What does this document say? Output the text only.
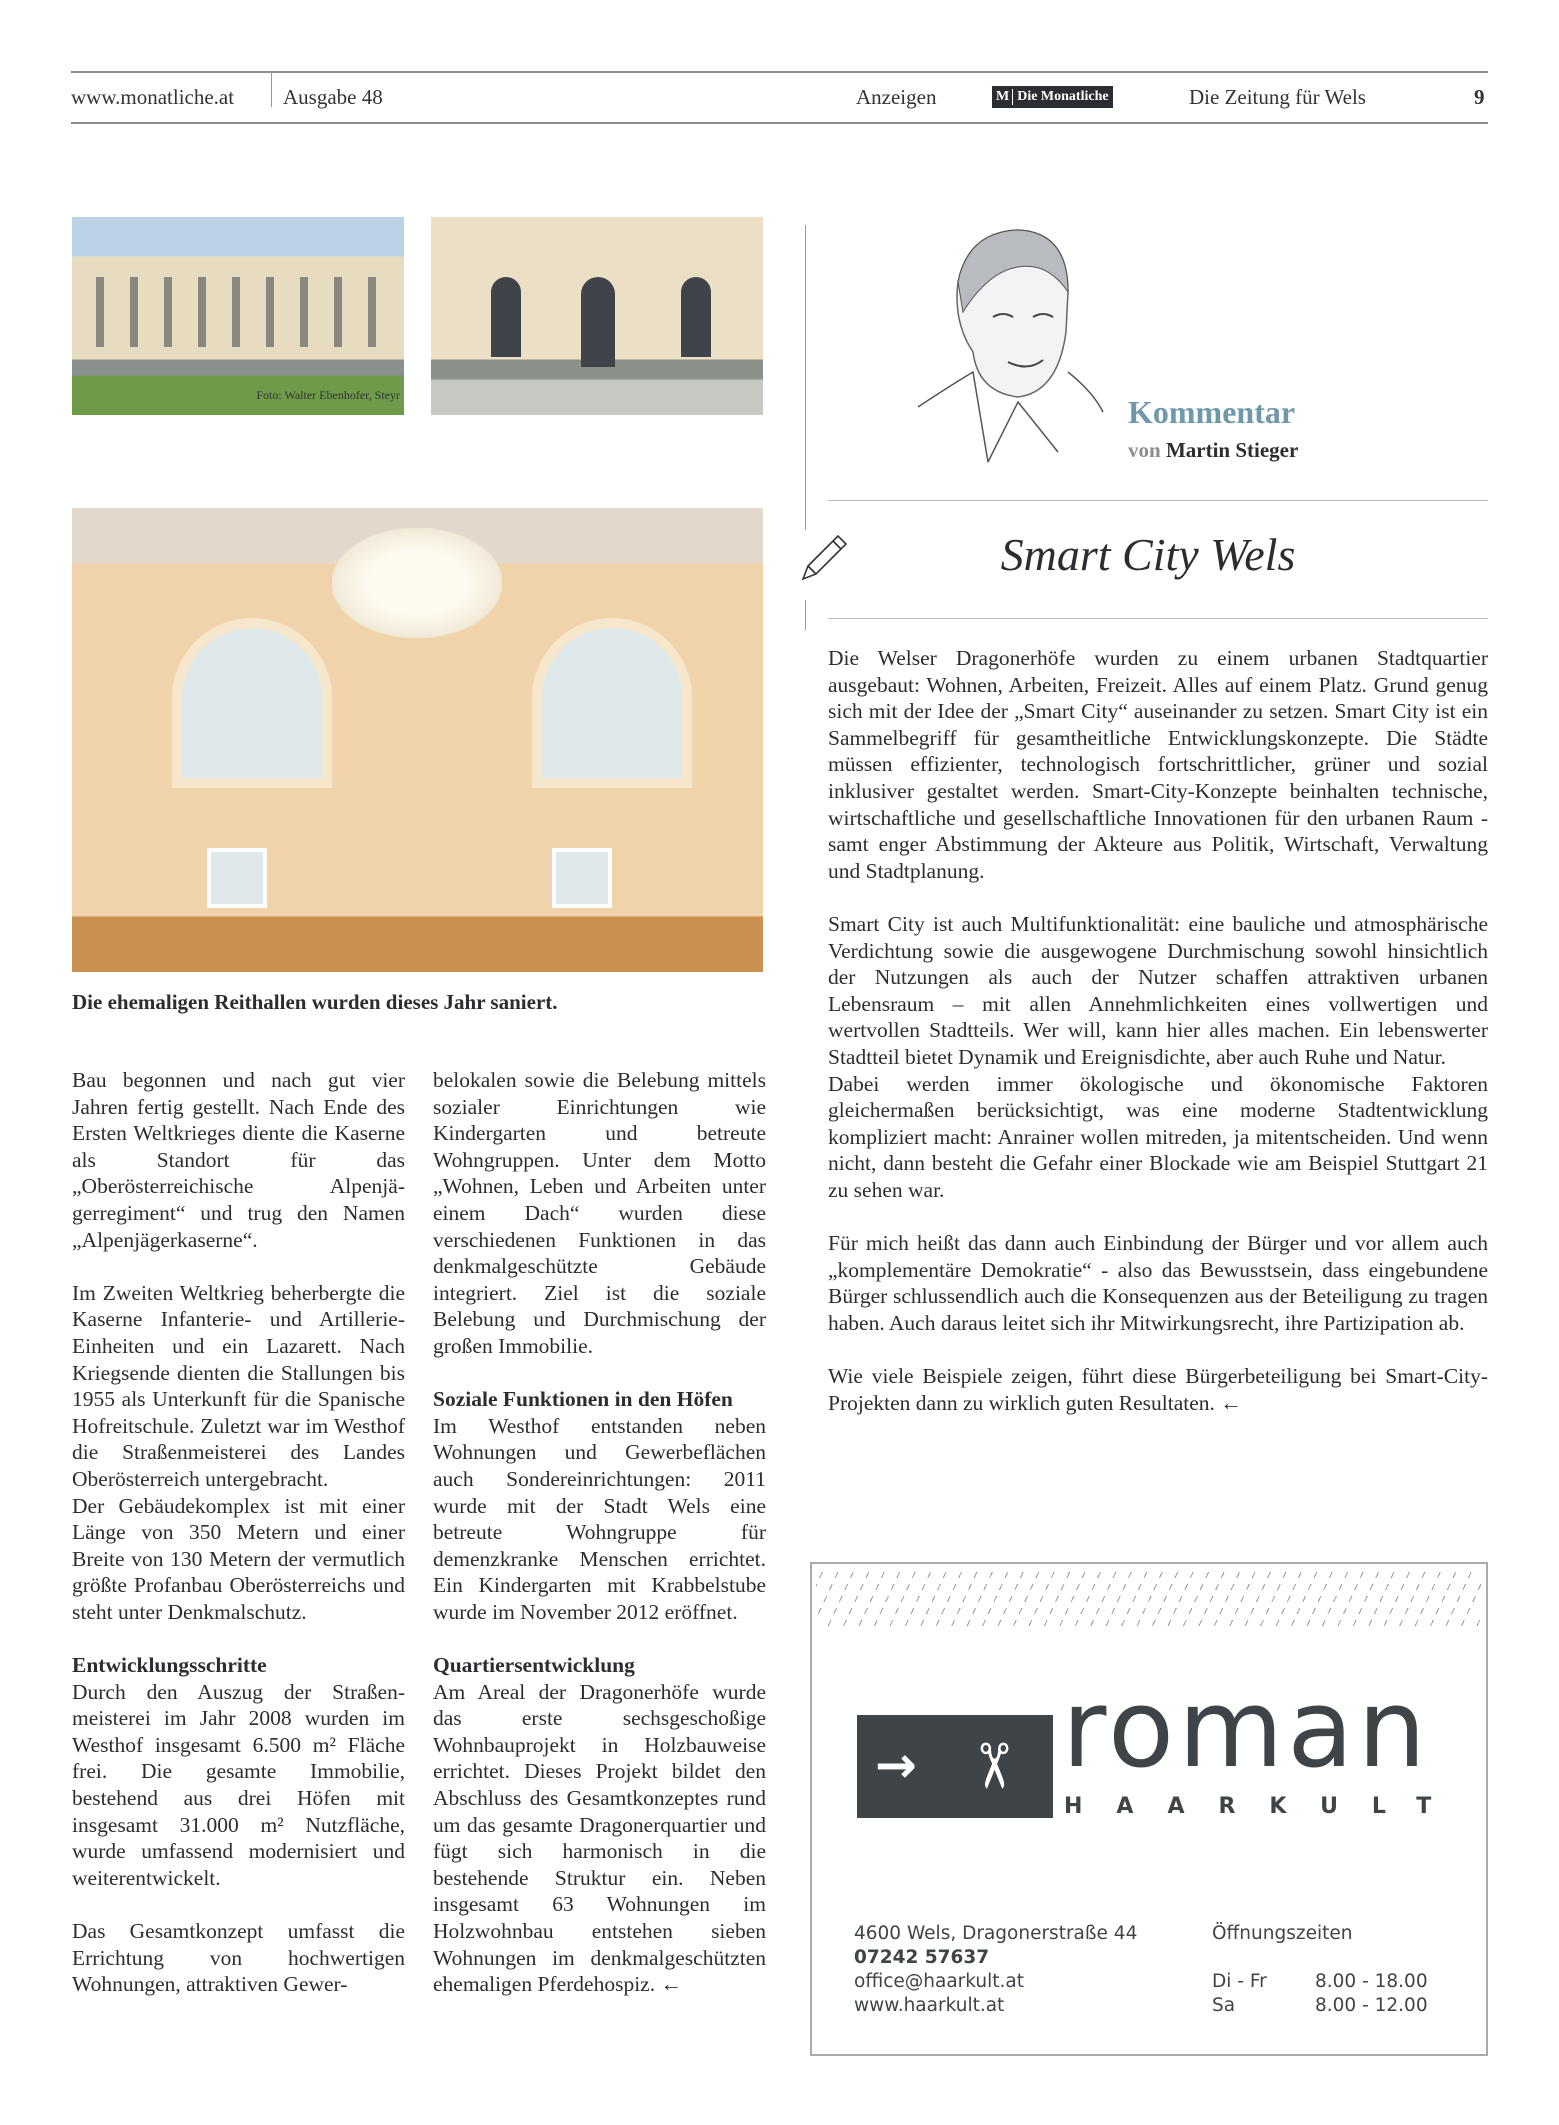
www.monatliche.at Ausgabe 48	Anzeigen	M Die Monatliche	Die Zeitung für Wels	9
Foto: Walter Ebenhofer, Steyr
Foto: Walter Ebenhofer, Steyr
Die ehemaligen Reithallen wurden dieses Jahr saniert.

Bau begonnen und nach gut vier Jahren fertig gestellt. Nach Ende des Ersten Weltkrieges diente die Kaserne als Standort für das „Oberösterreichische Alpenjägerregiment“ und trug den Namen „Alpenjägerkaserne“.

Im Zweiten Weltkrieg beherbergte die Kaserne Infanterie- und Artillerie-Einheiten und ein Lazarett. Nach Kriegsende dienten die Stallungen bis 1955 als Unterkunft für die Spanische Hofreitschule. Zuletzt war im Westhof die Straßenmeisterei des Landes Oberösterreich untergebracht.

Der Gebäudekomplex ist mit einer Länge von 350 Metern und einer Breite von 130 Metern der vermutlich größte Profanbau Oberösterreichs und steht unter Denkmalschutz.

Entwicklungsschritte

Durch den Auszug der Straßenmeisterei im Jahr 2008 wurden im Westhof insgesamt 6.500 m² Fläche frei. Die gesamte Immobilie, bestehend aus drei Höfen mit insgesamt 31.000 m² Nutzfläche, wurde umfassend modernisiert und weiterentwickelt.

Das Gesamtkonzept umfasst die Errichtung von hochwertigen Wohnungen, attraktiven Gewer-

belokalen sowie die Belebung mittels sozialer Einrichtungen wie Kindergarten und betreute Wohngruppen. Unter dem Motto „Wohnen, Leben und Arbeiten unter einem Dach“ wurden diese verschiedenen Funktionen in das denkmalgeschützte Gebäude integriert. Ziel ist die soziale Belebung und Durchmischung der großen Immobilie.

Soziale Funktionen in den Höfen

Im Westhof entstanden neben Wohnungen und Gewerbeflächen auch Sondereinrichtungen: 2011 wurde mit der Stadt Wels eine betreute Wohngruppe für demenzkranke Menschen errichtet. Ein Kindergarten mit Krabbelstube wurde im November 2012 eröffnet.

Quartiersentwicklung

Am Areal der Dragonerhöfe wurde das erste sechsgeschoßige Wohnbauprojekt in Holzbauweise errichtet. Dieses Projekt bildet den Abschluss des Gesamtkonzeptes rund um das gesamte Dragonerquartier und fügt sich harmonisch in die bestehende Struktur ein. Neben insgesamt 63 Wohnungen im Holzwohnbau entstehen sieben Wohnungen im denkmalgeschützten ehemaligen Pferdehospiz. ←

Kommentar
von Martin Stieger
Smart City Wels

Die Welser Dragonerhöfe wurden zu einem urbanen Stadtquartier ausgebaut: Wohnen, Arbeiten, Freizeit. Alles auf einem Platz. Grund genug sich mit der Idee der „Smart City“ auseinander zu setzen. Smart City ist ein Sammelbegriff für gesamtheitliche Entwicklungskonzepte. Die Städte müssen effizienter, technologisch fortschrittlicher, grüner und sozial inklusiver gestaltet werden. Smart-City-Konzepte beinhalten technische, wirtschaftliche und gesellschaftliche Innovationen für den urbanen Raum - samt enger Abstimmung der Akteure aus Politik, Wirtschaft, Verwaltung und Stadtplanung.

Smart City ist auch Multifunktionalität: eine bauliche und atmosphärische Verdichtung sowie die ausgewogene Durchmischung sowohl hinsichtlich der Nutzungen als auch der Nutzer schaffen attraktiven urbanen Lebensraum – mit allen Annehmlichkeiten eines vollwertigen und wertvollen Stadtteils. Wer will, kann hier alles machen. Ein lebenswerter Stadtteil bietet Dynamik und Ereignisdichte, aber auch Ruhe und Natur.

Dabei werden immer ökologische und ökonomische Faktoren gleichermaßen berücksichtigt, was eine moderne Stadtentwicklung kompliziert macht: Anrainer wollen mitreden, ja mitentscheiden. Und wenn nicht, dann besteht die Gefahr einer Blockade wie am Beispiel Stuttgart 21 zu sehen war.

Für mich heißt das dann auch Einbindung der Bürger und vor allem auch „komplementäre Demokratie“ - also das Bewusstsein, dass eingebundene Bürger schlussendlich auch die Konsequenzen aus der Beteiligung zu tragen haben. Auch daraus leitet sich ihr Mitwirkungsrecht, ihre Partizipation ab.

Wie viele Beispiele zeigen, führt diese Bürgerbeteiligung bei Smart-City-Projekten dann zu wirklich guten Resultaten. ←

→ ✂ roman
HAARKULT
4600 Wels, Dragonerstraße 44
07242 57637
office@haarkult.at
www.haarkult.at
Öffnungszeiten
Di - Fr	8.00 - 18.00
Sa	8.00 - 12.00
